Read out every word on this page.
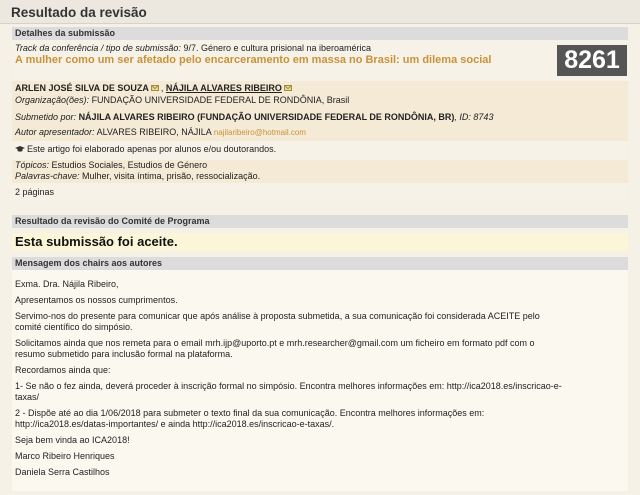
Resultado da revisão
Detalhes da submissão
Track da conferência / tipo de submissão: 9/7. Género e cultura prisional na iberoamérica
A mulher como um ser afetado pelo encarceramento em massa no Brasil: um dilema social	8261
ARLEN JOSÉ SILVA DE SOUZA , NÁJILA ALVARES RIBEIRO
Organização(ões): FUNDAÇÃO UNIVERSIDADE FEDERAL DE RONDÔNIA, Brasil
Submetido por: NÁJILA ALVARES RIBEIRO (FUNDAÇÃO UNIVERSIDADE FEDERAL DE RONDÔNIA, BR), ID: 8743
Autor apresentador: ALVARES RIBEIRO, NÁJILA najilaribeiro@hotmail.com
Este artigo foi elaborado apenas por alunos e/ou doutorandos.
Tópicos: Estudios Sociales, Estudios de Género
Palavras-chave: Mulher, visita íntima, prisão, ressocialização.
2 páginas
Resultado da revisão do Comité de Programa
Esta submissão foi aceite.
Mensagem dos chairs aos autores
Exma. Dra. Nájila Ribeiro,
Apresentamos os nossos cumprimentos.
Servimo-nos do presente para comunicar que após análise à proposta submetida, a sua comunicação foi considerada ACEITE pelo
comité científico do simpósio.
Solicitamos ainda que nos remeta para o email mrh.ijp@uporto.pt e mrh.researcher@gmail.com um ficheiro em formato pdf com o
resumo submetido para inclusão formal na plataforma.
Recordamos ainda que:
1- Se não o fez ainda, deverá proceder à inscrição formal no simpósio. Encontra melhores informações em: http://ica2018.es/inscricao-e-
taxas/
2 - Dispõe até ao dia 1/06/2018 para submeter o texto final da sua comunicação. Encontra melhores informações em:
http://ica2018.es/datas-importantes/ e ainda http://ica2018.es/inscricao-e-taxas/.
Seja bem vinda ao ICA2018!
Marco Ribeiro Henriques
Daniela Serra Castilhos
